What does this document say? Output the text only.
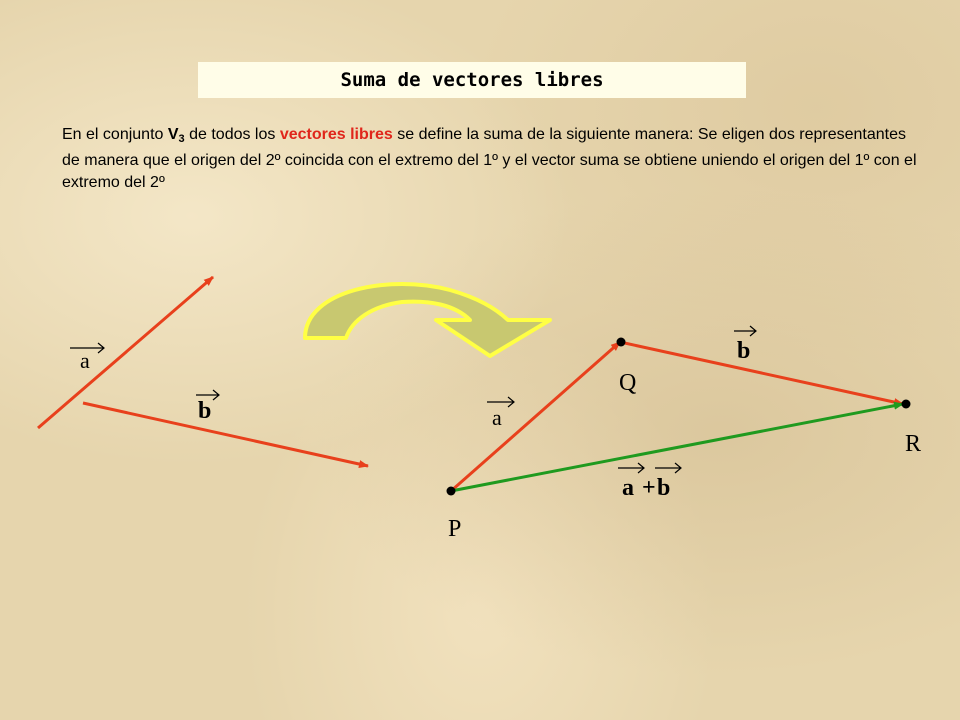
Suma de vectores libres
En el conjunto $V_3$ de todos los vectores libres se define la suma de la siguiente manera: Se eligen dos representantes de manera que el origen del 2º coincida con el extremo del 1º y el vector suma se obtiene uniendo el origen del 1º con el extremo del 2º
a
b
P
Q
R
a
b
a + b
